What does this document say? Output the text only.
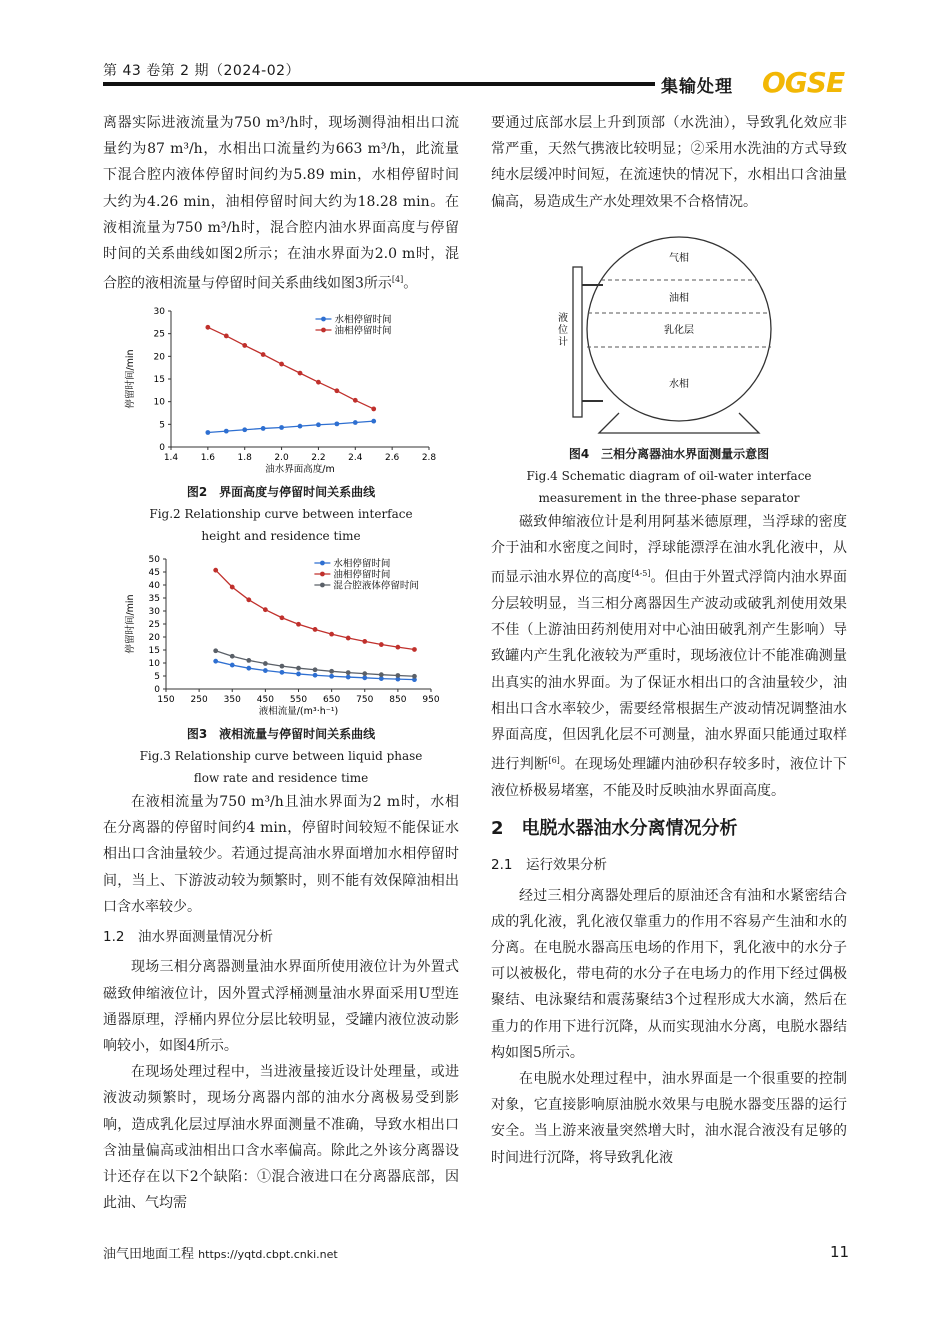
第 43 卷第 2 期（2024-02）
集输处理 OGSE

离器实际进液流量为750 m³/h时，现场测得油相出口流量约为87 m³/h，水相出口流量约为663 m³/h，此流量下混合腔内液体停留时间约为5.89 min，水相停留时间大约为4.26 min，油相停留时间大约为18.28 min。在液相流量为750 m³/h时，混合腔内油水界面高度与停留时间的关系曲线如图2所示；在油水界面为2.0 m时，混合腔的液相流量与停留时间关系曲线如图3所示[4]。

1.4	1.6	1.8	2.0	2.2	2.4	2.6	2.8
0
5
10
15
20
25
30
油水界面高度/m
停留时间/min
水相停留时间
油相停留时间
图2　界面高度与停留时间关系曲线
Fig.2 Relationship curve between interface
height and residence time
150 250 350 450 550 650 750 850 950
0
5
10
15
20
25
30
35
40
45
50
液相流量/(m³·h⁻¹)
停留时间/min
水相停留时间
油相停留时间
混合腔液体停留时间
图3　液相流量与停留时间关系曲线
Fig.3 Relationship curve between liquid phase
flow rate and residence time

在液相流量为750 m³/h且油水界面为2 m时，水相在分离器的停留时间约4 min，停留时间较短不能保证水相出口含油量较少。若通过提高油水界面增加水相停留时间，当上、下游波动较为频繁时，则不能有效保障油相出口含水率较少。

1.2　油水界面测量情况分析

现场三相分离器测量油水界面所使用液位计为外置式磁致伸缩液位计，因外置式浮桶测量油水界面采用U型连通器原理，浮桶内界位分层比较明显，受罐内液位波动影响较小，如图4所示。

在现场处理过程中，当进液量接近设计处理量，或进液波动频繁时，现场分离器内部的油水分离极易受到影响，造成乳化层过厚油水界面测量不准确，导致水相出口含油量偏高或油相出口含水率偏高。除此之外该分离器设计还存在以下2个缺陷：①混合液进口在分离器底部，因此油、气均需

要通过底部水层上升到顶部（水洗油），导致乳化效应非常严重，天然气携液比较明显；②采用水洗油的方式导致纯水层缓冲时间短，在流速快的情况下，水相出口含油量偏高，易造成生产水处理效果不合格情况。

气相
油相
乳化层
水相
液位计
图4　三相分离器油水界面测量示意图
Fig.4 Schematic diagram of oil-water interface
measurement in the three-phase separator

磁致伸缩液位计是利用阿基米德原理，当浮球的密度介于油和水密度之间时，浮球能漂浮在油水乳化液中，从而显示油水界位的高度[4-5]。但由于外置式浮筒内油水界面分层较明显，当三相分离器因生产波动或破乳剂使用效果不佳（上游油田药剂使用对中心油田破乳剂产生影响）导致罐内产生乳化液较为严重时，现场液位计不能准确测量出真实的油水界面。为了保证水相出口的含油量较少，油相出口含水率较少，需要经常根据生产波动情况调整油水界面高度，但因乳化层不可测量，油水界面只能通过取样进行判断[6]。在现场处理罐内油砂积存较多时，液位计下液位桥极易堵塞，不能及时反映油水界面高度。

2　电脱水器油水分离情况分析
2.1　运行效果分析

经过三相分离器处理后的原油还含有油和水紧密结合成的乳化液，乳化液仅靠重力的作用不容易产生油和水的分离。在电脱水器高压电场的作用下，乳化液中的水分子可以被极化，带电荷的水分子在电场力的作用下经过偶极聚结、电泳聚结和震荡聚结3个过程形成大水滴，然后在重力的作用下进行沉降，从而实现油水分离，电脱水器结构如图5所示。

在电脱水处理过程中，油水界面是一个很重要的控制对象，它直接影响原油脱水效果与电脱水器变压器的运行安全。当上游来液量突然增大时，油水混合液没有足够的时间进行沉降，将导致乳化液

油气田地面工程 https://yqtd.cbpt.cnki.net	11
